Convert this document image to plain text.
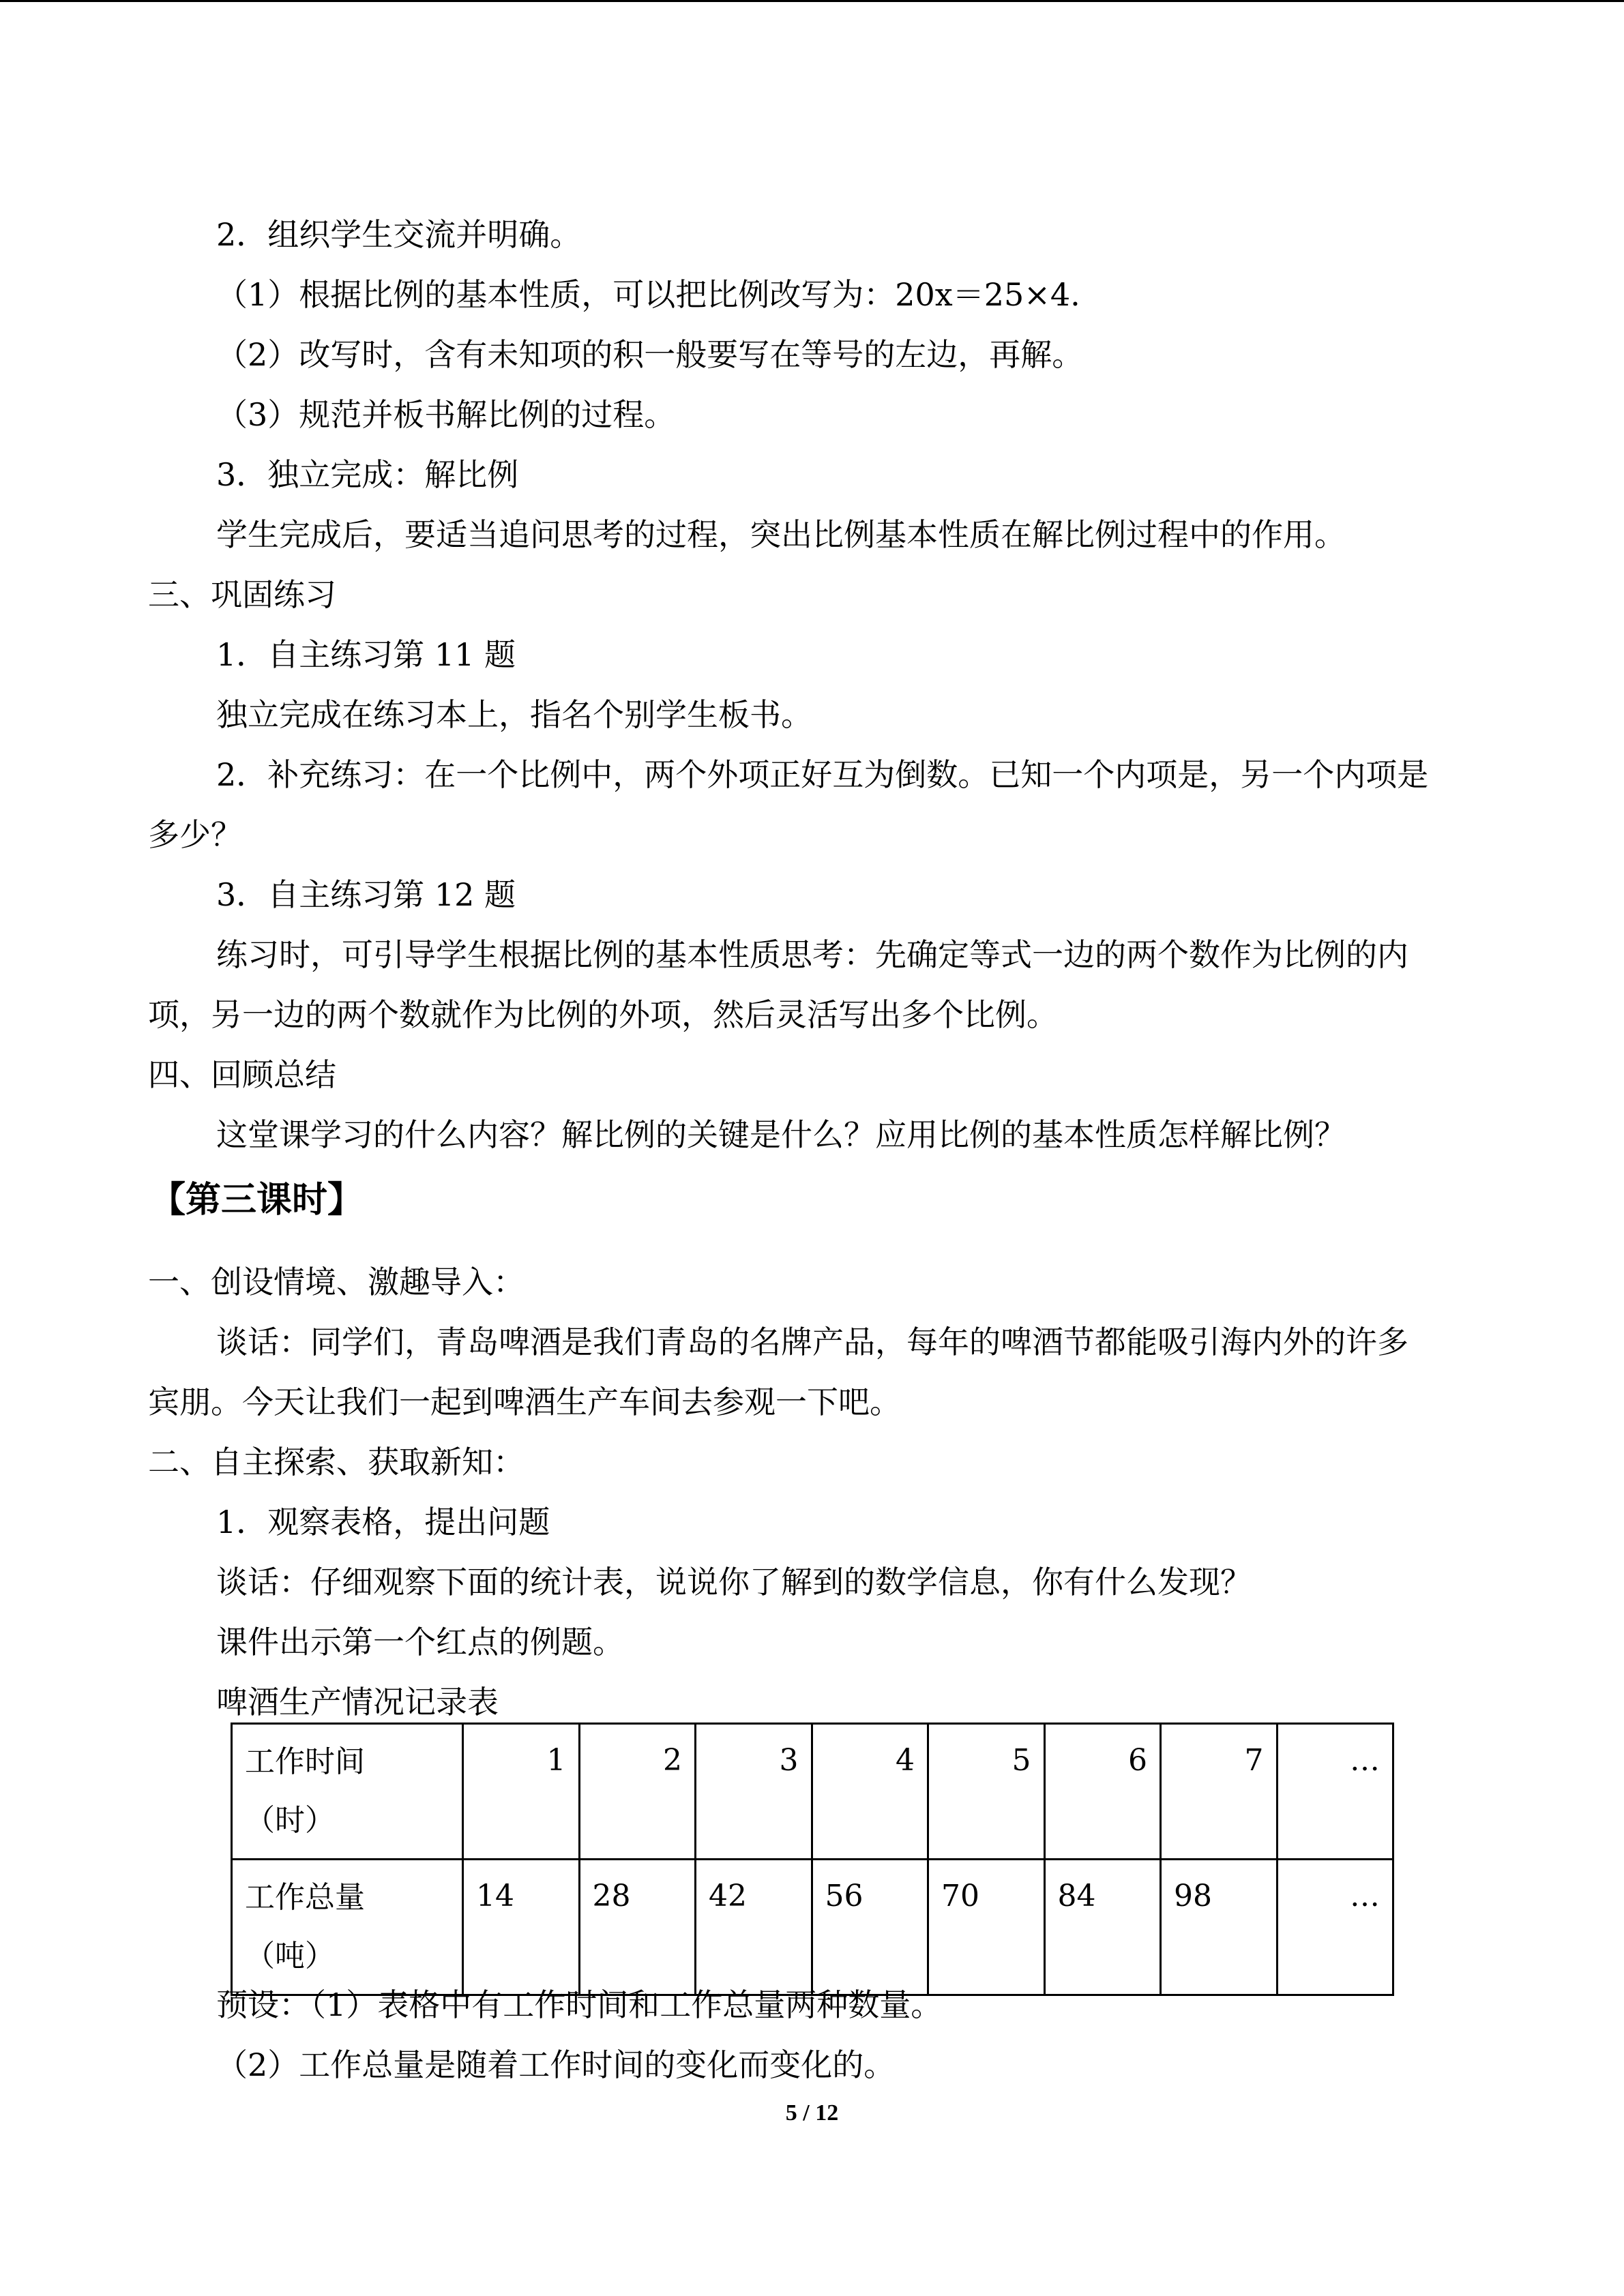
2．组织学生交流并明确。
（1）根据比例的基本性质，可以把比例改写为：20x＝25×4.
（2）改写时，含有未知项的积一般要写在等号的左边，再解。
（3）规范并板书解比例的过程。
3．独立完成：解比例
学生完成后，要适当追问思考的过程，突出比例基本性质在解比例过程中的作用。
三、巩固练习
1．自主练习第 11 题
独立完成在练习本上，指名个别学生板书。
2．补充练习：在一个比例中，两个外项正好互为倒数。已知一个内项是，另一个内项是
多少？
3．自主练习第 12 题
练习时，可引导学生根据比例的基本性质思考：先确定等式一边的两个数作为比例的内
项，另一边的两个数就作为比例的外项，然后灵活写出多个比例。
四、回顾总结
这堂课学习的什么内容？解比例的关键是什么？应用比例的基本性质怎样解比例？
【第三课时】
一、创设情境、激趣导入：
谈话：同学们，青岛啤酒是我们青岛的名牌产品，每年的啤酒节都能吸引海内外的许多
宾朋。今天让我们一起到啤酒生产车间去参观一下吧。
二、自主探索、获取新知：
1．观察表格，提出问题
谈话：仔细观察下面的统计表，说说你了解到的数学信息，你有什么发现？
课件出示第一个红点的例题。
啤酒生产情况记录表
工作时间
（时）	1	2	3	4	5	6	7	…
工作总量
（吨）	14	28	42	56	70	84	98	…
预设：（1）表格中有工作时间和工作总量两种数量。
（2）工作总量是随着工作时间的变化而变化的。
5 / 12
